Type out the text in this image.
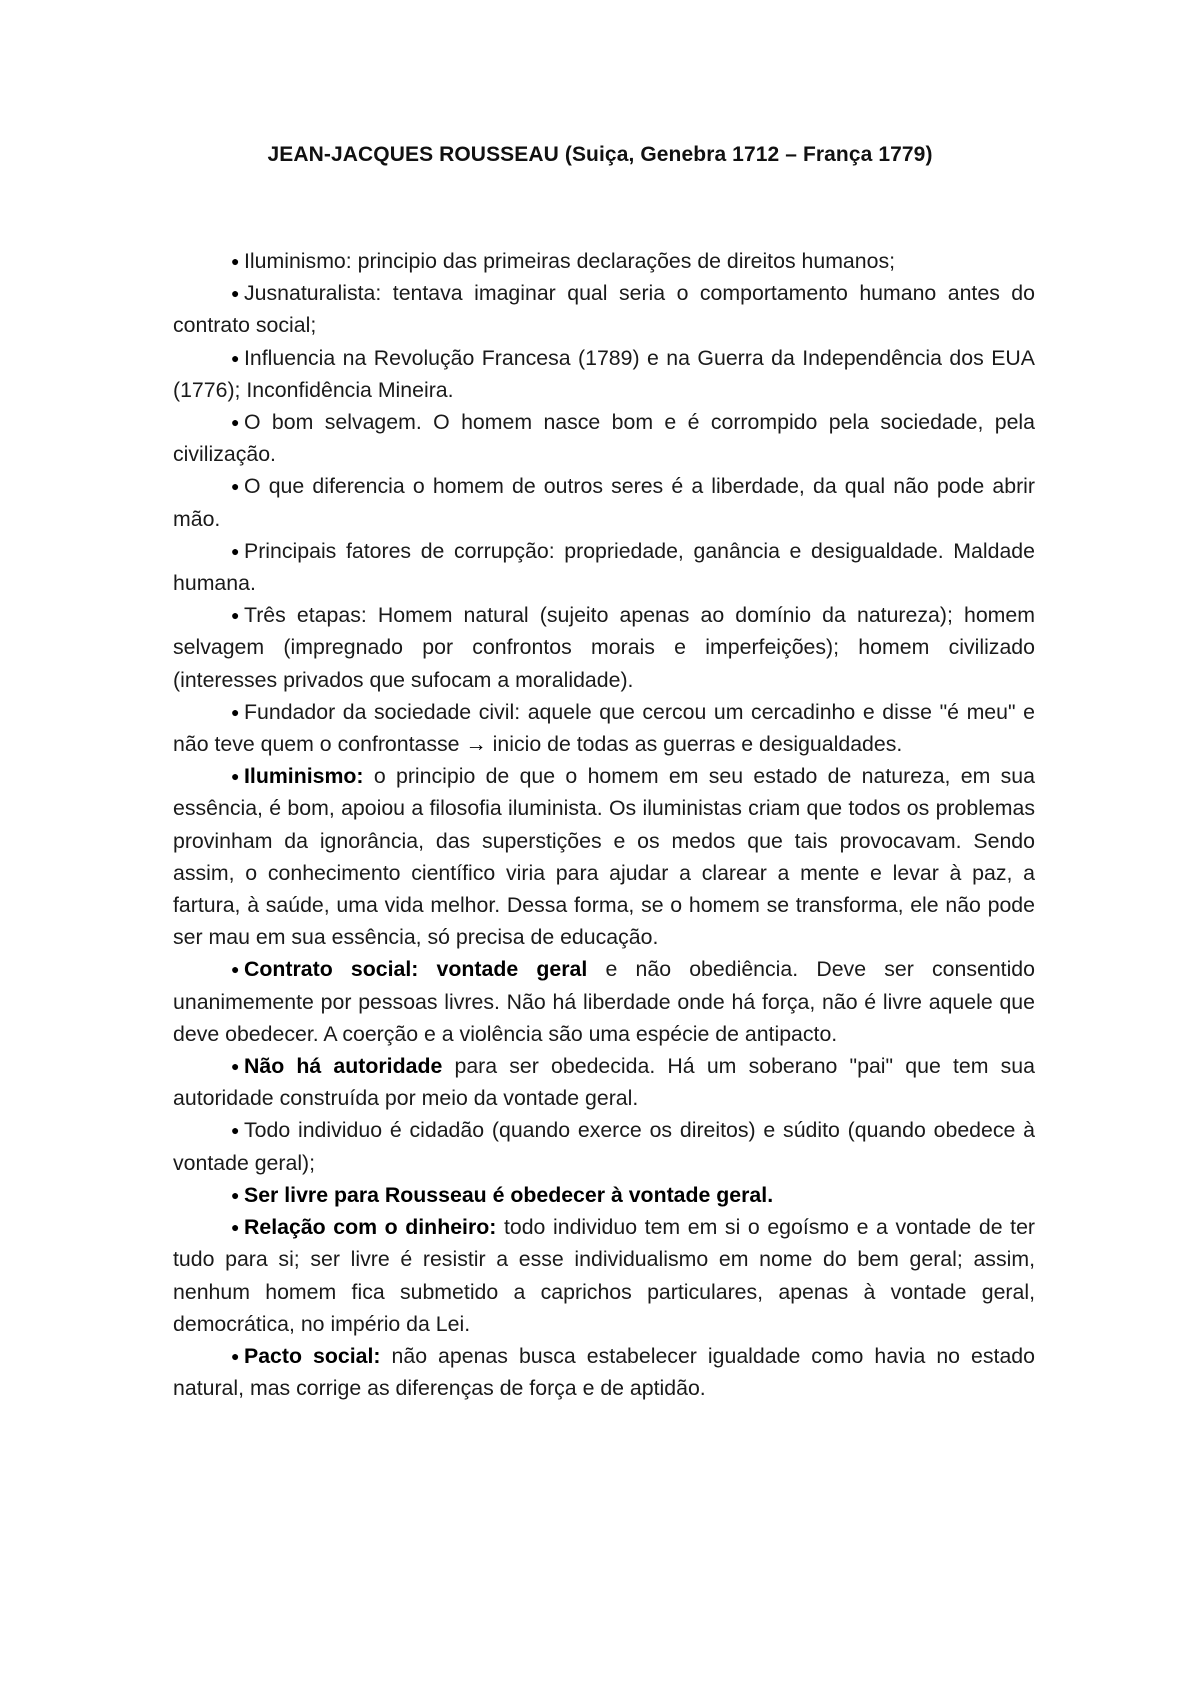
JEAN-JACQUES ROUSSEAU (Suiça, Genebra 1712 – França 1779)

● Iluminismo: principio das primeiras declarações de direitos humanos;

● Jusnaturalista: tentava imaginar qual seria o comportamento humano antes do contrato social;

● Influencia na Revolução Francesa (1789) e na Guerra da Independência dos EUA (1776); Inconfidência Mineira.

● O bom selvagem. O homem nasce bom e é corrompido pela sociedade, pela civilização.

● O que diferencia o homem de outros seres é a liberdade, da qual não pode abrir mão.

● Principais fatores de corrupção: propriedade, ganância e desigualdade. Maldade humana.

● Três etapas: Homem natural (sujeito apenas ao domínio da natureza); homem selvagem (impregnado por confrontos morais e imperfeições); homem civilizado (interesses privados que sufocam a moralidade).

● Fundador da sociedade civil: aquele que cercou um cercadinho e disse "é meu" e não teve quem o confrontasse → inicio de todas as guerras e desigualdades.

● Iluminismo: o principio de que o homem em seu estado de natureza, em sua essência, é bom, apoiou a filosofia iluminista. Os iluministas criam que todos os problemas provinham da ignorância, das superstições e os medos que tais provocavam. Sendo assim, o conhecimento científico viria para ajudar a clarear a mente e levar à paz, a fartura, à saúde, uma vida melhor. Dessa forma, se o homem se transforma, ele não pode ser mau em sua essência, só precisa de educação.

● Contrato social: vontade geral e não obediência. Deve ser consentido unanimemente por pessoas livres. Não há liberdade onde há força, não é livre aquele que deve obedecer. A coerção e a violência são uma espécie de antipacto.

● Não há autoridade para ser obedecida. Há um soberano "pai" que tem sua autoridade construída por meio da vontade geral.

● Todo individuo é cidadão (quando exerce os direitos) e súdito (quando obedece à vontade geral);

● Ser livre para Rousseau é obedecer à vontade geral.

● Relação com o dinheiro: todo individuo tem em si o egoísmo e a vontade de ter tudo para si; ser livre é resistir a esse individualismo em nome do bem geral; assim, nenhum homem fica submetido a caprichos particulares, apenas à vontade geral, democrática, no império da Lei.

● Pacto social: não apenas busca estabelecer igualdade como havia no estado natural, mas corrige as diferenças de força e de aptidão.
